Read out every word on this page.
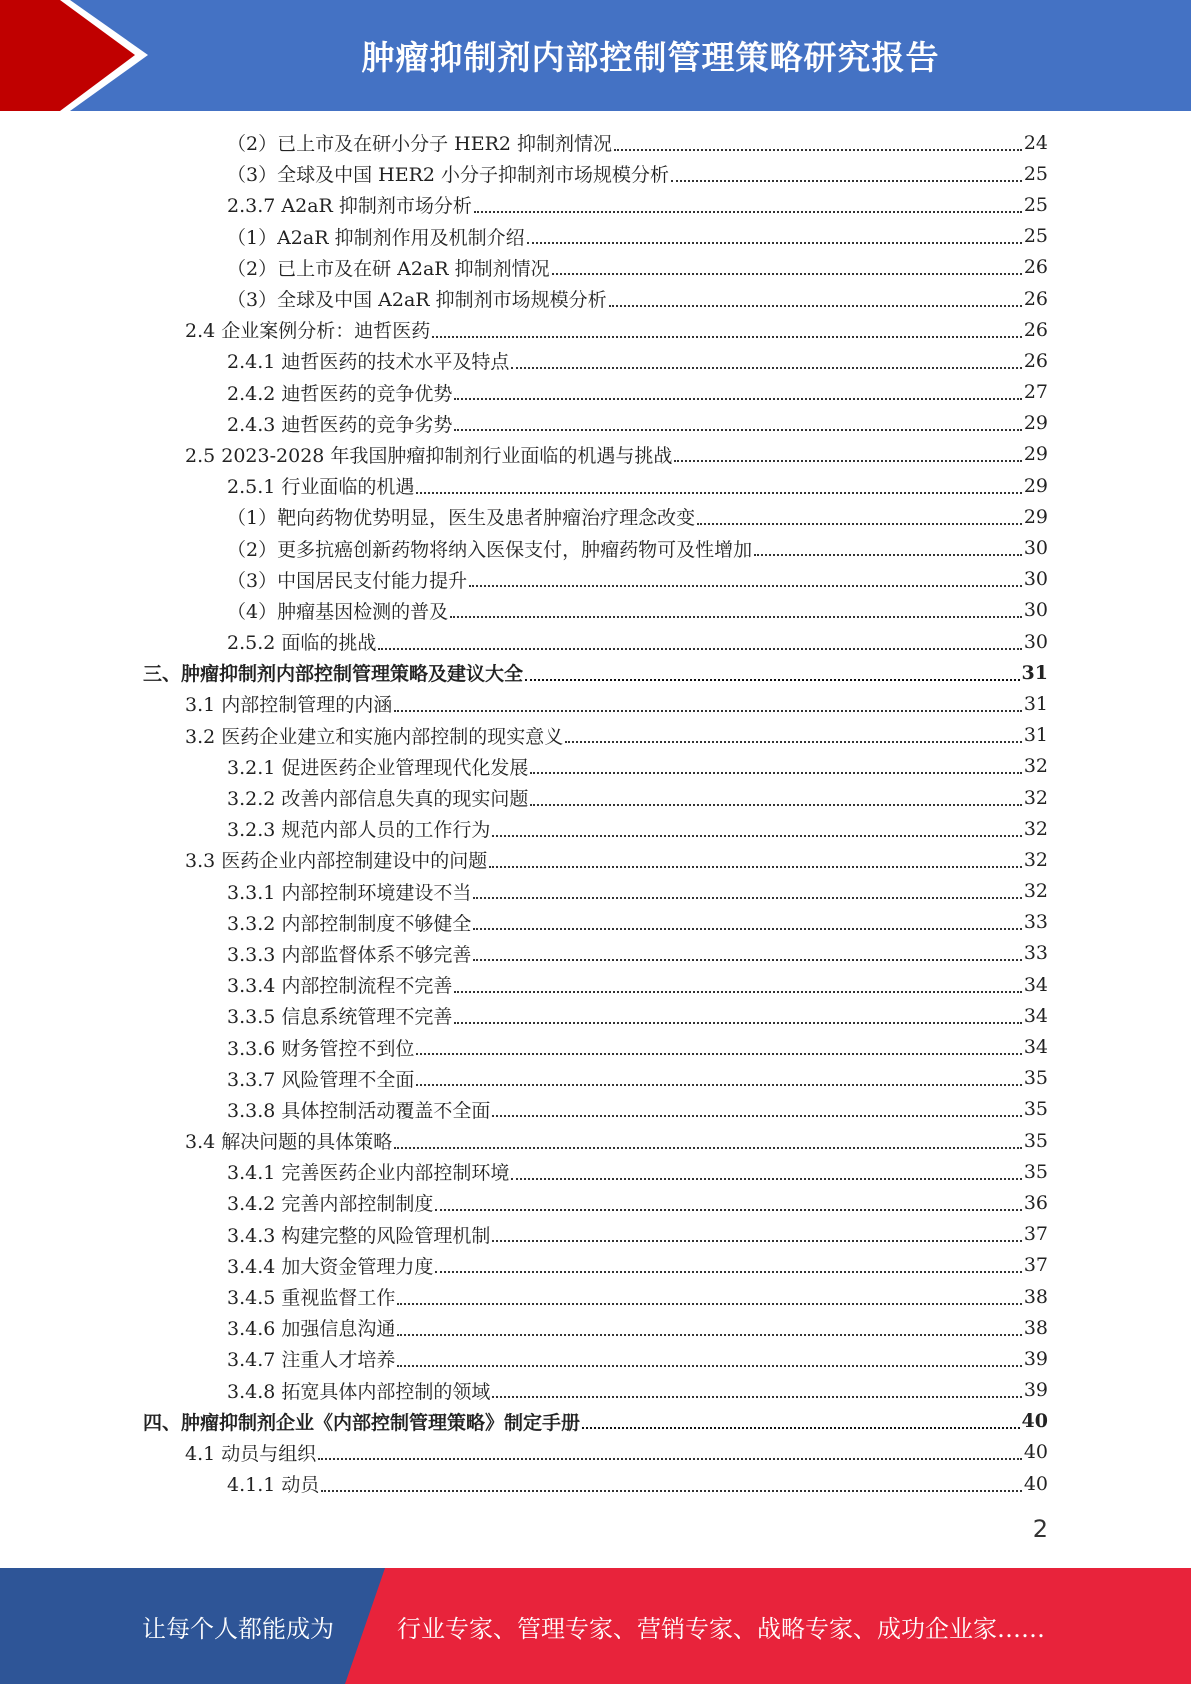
肿瘤抑制剂内部控制管理策略研究报告
（2）已上市及在研小分子 HER2 抑制剂情况	24
（3）全球及中国 HER2 小分子抑制剂市场规模分析	25
2.3.7 A2aR 抑制剂市场分析	25
（1）A2aR 抑制剂作用及机制介绍	25
（2）已上市及在研 A2aR 抑制剂情况	26
（3）全球及中国 A2aR 抑制剂市场规模分析	26
2.4 企业案例分析：迪哲医药	26
2.4.1 迪哲医药的技术水平及特点	26
2.4.2 迪哲医药的竞争优势	27
2.4.3 迪哲医药的竞争劣势	29
2.5 2023-2028 年我国肿瘤抑制剂行业面临的机遇与挑战	29
2.5.1 行业面临的机遇	29
（1）靶向药物优势明显，医生及患者肿瘤治疗理念改变	29
（2）更多抗癌创新药物将纳入医保支付，肿瘤药物可及性增加	30
（3）中国居民支付能力提升	30
（4）肿瘤基因检测的普及	30
2.5.2 面临的挑战	30
三、肿瘤抑制剂内部控制管理策略及建议大全	31
3.1 内部控制管理的内涵	31
3.2 医药企业建立和实施内部控制的现实意义	31
3.2.1 促进医药企业管理现代化发展	32
3.2.2 改善内部信息失真的现实问题	32
3.2.3 规范内部人员的工作行为	32
3.3 医药企业内部控制建设中的问题	32
3.3.1 内部控制环境建设不当	32
3.3.2 内部控制制度不够健全	33
3.3.3 内部监督体系不够完善	33
3.3.4 内部控制流程不完善	34
3.3.5 信息系统管理不完善	34
3.3.6 财务管控不到位	34
3.3.7 风险管理不全面	35
3.3.8 具体控制活动覆盖不全面	35
3.4 解决问题的具体策略	35
3.4.1 完善医药企业内部控制环境	35
3.4.2 完善内部控制制度	36
3.4.3 构建完整的风险管理机制	37
3.4.4 加大资金管理力度	37
3.4.5 重视监督工作	38
3.4.6 加强信息沟通	38
3.4.7 注重人才培养	39
3.4.8 拓宽具体内部控制的领域	39
四、肿瘤抑制剂企业《内部控制管理策略》制定手册	40
4.1 动员与组织	40
4.1.1 动员	40
2
让每个人都能成为	行业专家、管理专家、营销专家、战略专家、成功企业家……
